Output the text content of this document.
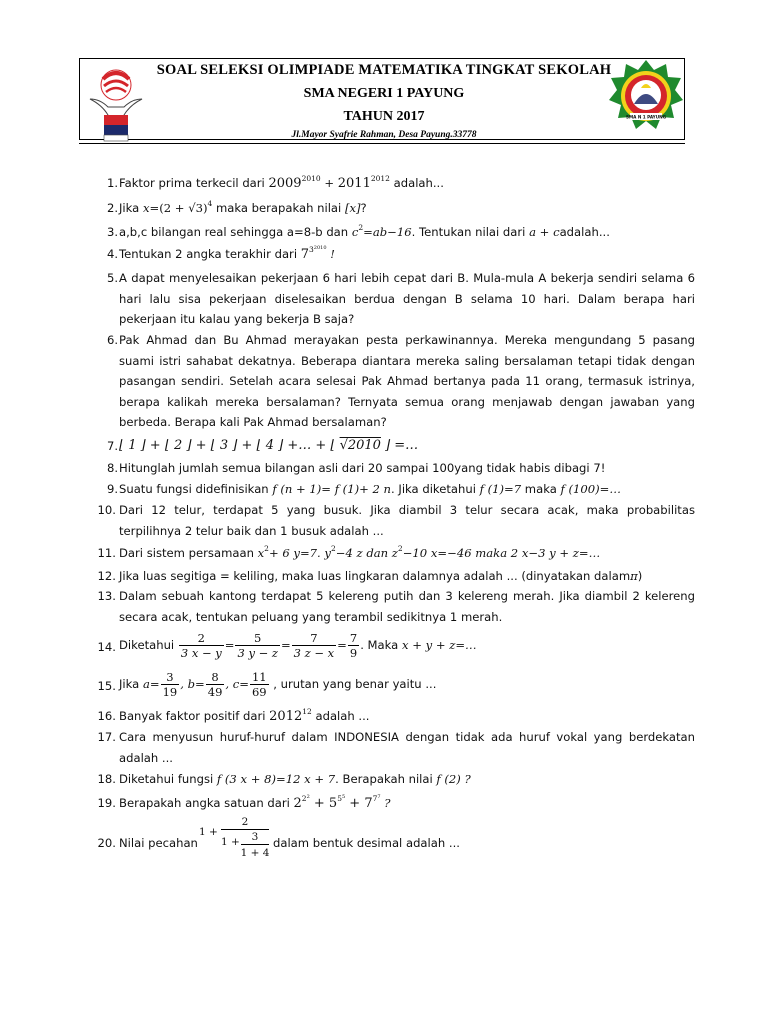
SOAL SELEKSI OLIMPIADE MATEMATIKA TINGKAT SEKOLAH
SMA NEGERI 1 PAYUNG
TAHUN 2017
Jl.Mayor Syafrie Rahman, Desa Payung.33778
SMA N 1 PAYUNG
1. Faktor prima terkecil dari $2009^{2010} + 2011^{2012}$ adalah...
2. Jika $x=(2 + √3)^4$ maka berapakah nilai [x]?
3. a,b,c bilangan real sehingga a=8-b dan $c^2=ab-16$. Tentukan nilai dari a + cadalah...
4. Tentukan 2 angka terakhir dari $7^{3^{2010}}$ !
5. A dapat menyelesaikan pekerjaan 6 hari lebih cepat dari B. Mula-mula A bekerja sendiri selama 6 hari lalu sisa pekerjaan diselesaikan berdua dengan B selama 10 hari. Dalam berapa hari pekerjaan itu kalau yang bekerja B saja?
6. Pak Ahmad dan Bu Ahmad merayakan pesta perkawinannya. Mereka mengundang 5 pasang suami istri sahabat dekatnya. Beberapa diantara mereka saling bersalaman tetapi tidak dengan pasangan sendiri. Setelah acara selesai Pak Ahmad bertanya pada 11 orang, termasuk istrinya, berapa kalikah mereka bersalaman? Ternyata semua orang menjawab dengan jawaban yang berbeda. Berapa kali Pak Ahmad bersalaman?
7. ⌊ 1 ⌋ + ⌊ 2 ⌋ + ⌊ 3 ⌋ + ⌊ 4 ⌋ +… + ⌊ √2010 ⌋ =…
8. Hitunglah jumlah semua bilangan asli dari 20 sampai 100yang tidak habis dibagi 7!
9. Suatu fungsi didefinisikan f (n + 1)= f (1)+ 2 n. Jika diketahui f (1)=7 maka f (100)=…
10. Dari 12 telur, terdapat 5 yang busuk. Jika diambil 3 telur secara acak, maka probabilitas terpilihnya 2 telur baik dan 1 busuk adalah ...
11. Dari sistem persamaan $x^2+ 6$ y=7. $y^2-4$ z dan $z^2-10$ x=−46 maka 2 x−3 y + z=…
12. Jika luas segitiga = keliling, maka luas lingkaran dalamnya adalah ... (dinyatakan dalamπ)
13. Dalam sebuah kantong terdapat 5 kelereng putih dan 3 kelereng merah. Jika diambil 2 kelereng secara acak, tentukan peluang yang terambil sedikitnya 1 merah.
14. Diketahui $\frac{2}{3 x - y} = \frac{5}{3 y - z} = \frac{7}{3 z - x} = \frac{7}{9}$ . Maka x + y + z=…
15. Jika $a= \frac{3}{19}$ , $b= \frac{8}{49}$ , $c= \frac{11}{69}$ , urutan yang benar yaitu ...
16. Banyak faktor positif dari 2012$^{12}$ adalah ...
17. Cara menyusun huruf-huruf dalam INDONESIA dengan tidak ada huruf vokal yang berdekatan adalah ...
18. Diketahui fungsi f (3 x + 8)=12 x + 7. Berapakah nilai f (2) ?
19. Berapakah angka satuan dari $2^{2^2} + 5^{5^5} + 7^{7^7}$ ?
20. Nilai pecahan
1 +
2
1 +	3
1 + 4
dalam bentuk desimal adalah ...
